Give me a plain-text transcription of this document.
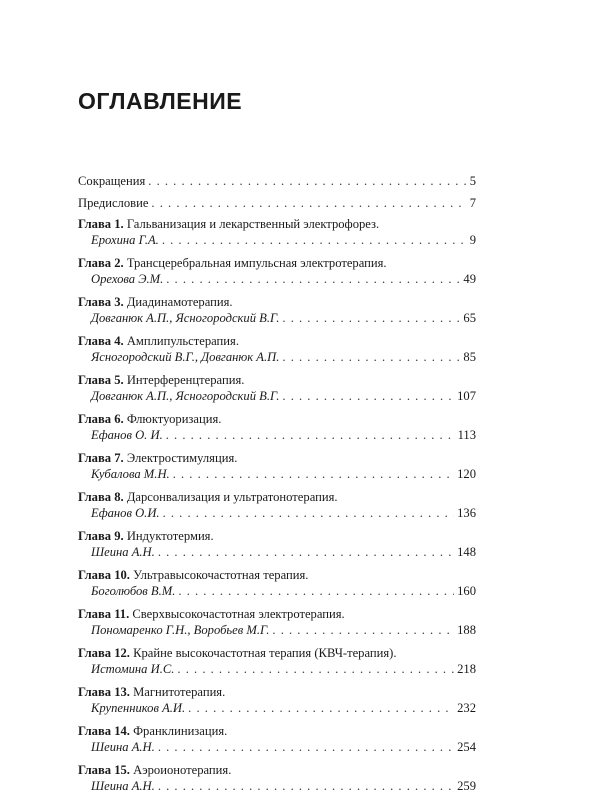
ОГЛАВЛЕНИЕ
Сокращения . . .	5
Предисловие . . .	7
Глава 1. Гальванизация и лекарственный электрофорез.
Ерохина Г.А. . . .	9
Глава 2. Трансцеребральная импульсная электротерапия.
Орехова Э.М. . . .	49
Глава 3. Диадинамотерапия.
Довганюк А.П., Ясногородский В.Г. . . .	65
Глава 4. Амплипульстерапия.
Ясногородский В.Г., Довганюк А.П. . . .	85
Глава 5. Интерференцтерапия.
Довганюк А.П., Ясногородский В.Г. . . .	107
Глава 6. Флюктуоризация.
Ефанов О. И. . . .	113
Глава 7. Электростимуляция.
Кубалова М.Н. . . .	120
Глава 8. Дарсонвализация и ультратонотерапия.
Ефанов О.И. . . .	136
Глава 9. Индуктотермия.
Шеина А.Н. . . .	148
Глава 10. Ультравысокочастотная терапия.
Боголюбов В.М. . . .	160
Глава 11. Сверхвысокочастотная электротерапия.
Пономаренко Г.Н., Воробьев М.Г. . . .	188
Глава 12. Крайне высокочастотная терапия (КВЧ-терапия).
Истомина И.С. . . .	218
Глава 13. Магнитотерапия.
Крупенников А.И. . . .	232
Глава 14. Франклинизация.
Шеина А.Н. . . .	254
Глава 15. Аэроионотерапия.
Шеина А.Н. . . .	259
